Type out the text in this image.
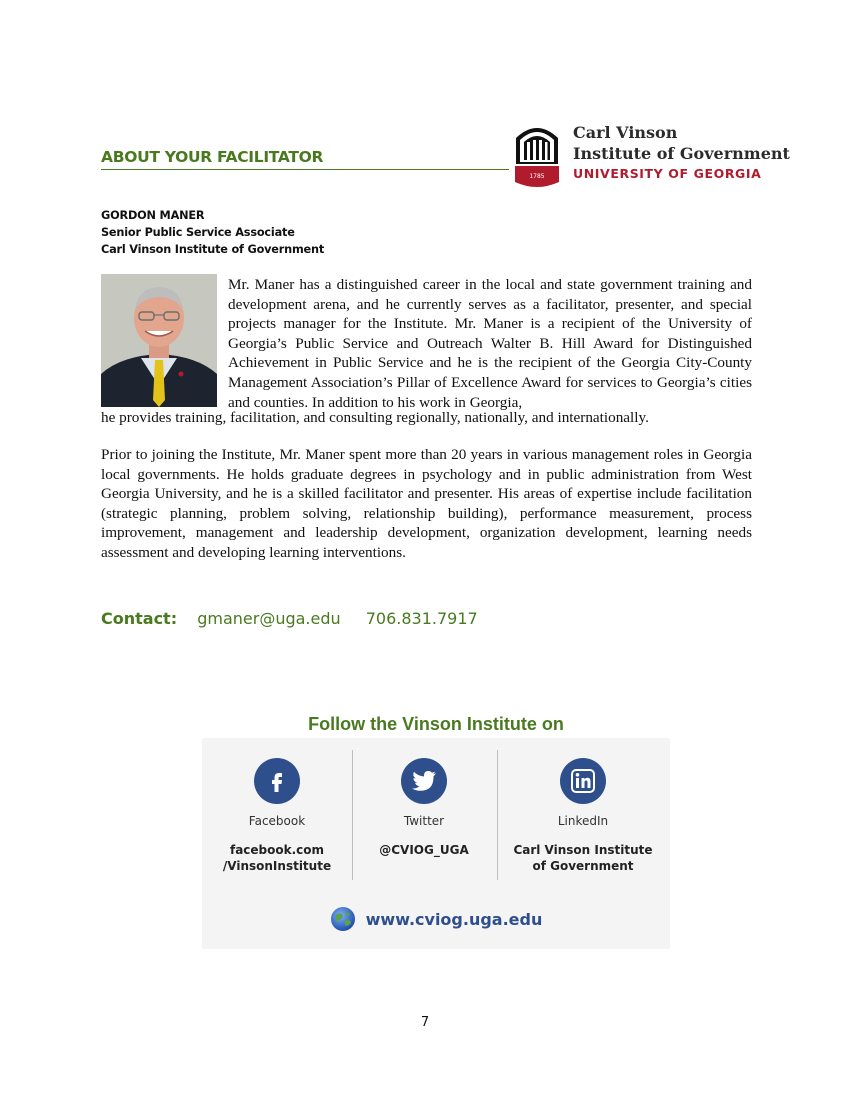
ABOUT YOUR FACILITATOR
1785
Carl Vinson
Institute of Government
UNIVERSITY OF GEORGIA
GORDON MANER
Senior Public Service Associate
Carl Vinson Institute of Government
Mr. Maner has a distinguished career in the local and state government training and development arena, and he currently serves as a facilitator, presenter, and special projects manager for the Institute. Mr. Maner is a recipient of the University of Georgia’s Public Service and Outreach Walter B. Hill Award for Distinguished Achievement in Public Service and he is the recipient of the Georgia City-County Management Association’s Pillar of Excellence Award for services to Georgia’s cities and counties. In addition to his work in Georgia,
he provides training, facilitation, and consulting regionally, nationally, and internationally.
Prior to joining the Institute, Mr. Maner spent more than 20 years in various management roles in Georgia local governments. He holds graduate degrees in psychology and in public administration from West Georgia University, and he is a skilled facilitator and presenter. His areas of expertise include facilitation (strategic planning, problem solving, relationship building), performance measurement, process improvement, management and leadership development, organization development, learning needs assessment and developing learning interventions.
Contact: gmaner@uga.edu 706.831.7917
Follow the Vinson Institute on
Facebook
facebook.com
/VinsonInstitute
Twitter
@CVIOG_UGA
LinkedIn
Carl Vinson Institute
of Government
www.cviog.uga.edu
7
